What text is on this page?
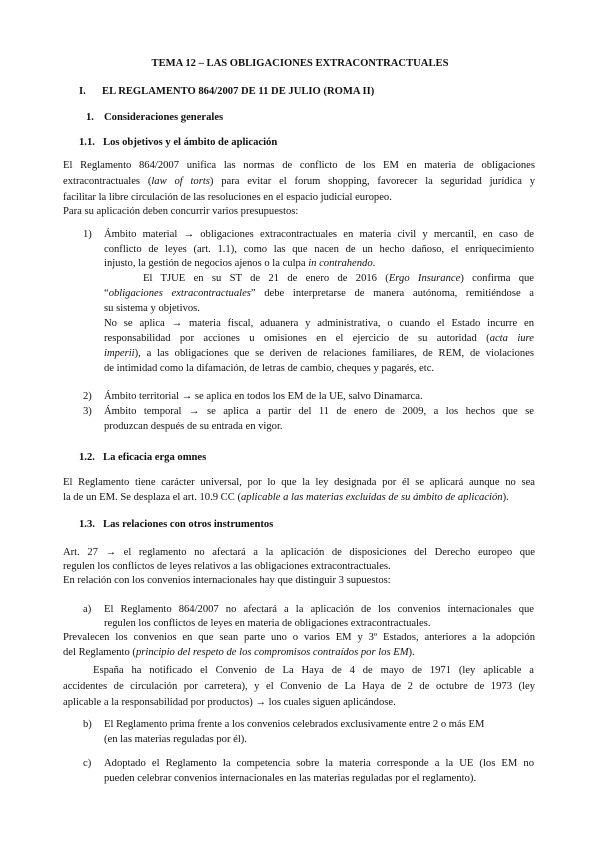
TEMA 12 – LAS OBLIGACIONES EXTRACONTRACTUALES
I. EL REGLAMENTO 864/2007 DE 11 DE JULIO (ROMA II)
1. Consideraciones generales
1.1. Los objetivos y el ámbito de aplicación
El Reglamento 864/2007 unifica las normas de conflicto de los EM en materia de obligaciones
extracontractuales (law of torts) para evitar el forum shopping, favorecer la seguridad jurídica y
facilitar la libre circulación de las resoluciones en el espacio judicial europeo.
Para su aplicación deben concurrir varios presupuestos:
1) Ámbito material → obligaciones extracontractuales en materia civil y mercantil, en caso de
conflicto de leyes (art. 1.1), como las que nacen de un hecho dañoso, el enriquecimiento
injusto, la gestión de negocios ajenos o la culpa in contrahendo.
El TJUE en su ST de 21 de enero de 2016 (Ergo Insurance) confirma que
“obligaciones extracontractuales” debe interpretarse de manera autónoma, remitiéndose a
su sistema y objetivos.
No se aplica → materia fiscal, aduanera y administrativa, o cuando el Estado incurre en
responsabilidad por acciones u omisiones en el ejercicio de su autoridad (acta iure
imperii), a las obligaciones que se deriven de relaciones familiares, de REM, de violaciones
de intimidad como la difamación, de letras de cambio, cheques y pagarés, etc.
2) Ámbito territorial → se aplica en todos los EM de la UE, salvo Dinamarca.
3) Ámbito temporal → se aplica a partir del 11 de enero de 2009, a los hechos que se
produzcan después de su entrada en vigor.
1.2. La eficacia erga omnes
El Reglamento tiene carácter universal, por lo que la ley designada por él se aplicará aunque no sea
la de un EM. Se desplaza el art. 10.9 CC (aplicable a las materias excluidas de su ámbito de aplicación).
1.3. Las relaciones con otros instrumentos
Art. 27 → el reglamento no afectará a la aplicación de disposiciones del Derecho europeo que
regulen los conflictos de leyes relativos a las obligaciones extracontractuales.
En relación con los convenios internacionales hay que distinguir 3 supuestos:
a) El Reglamento 864/2007 no afectará a la aplicación de los convenios internacionales que
regulen los conflictos de leyes en materia de obligaciones extracontractuales.
Prevalecen los convenios en que sean parte uno o varios EM y 3º Estados, anteriores a la adopción
del Reglamento (principio del respeto de los compromisos contraídos por los EM).
España ha notificado el Convenio de La Haya de 4 de mayo de 1971 (ley aplicable a
accidentes de circulación por carretera), y el Convenio de La Haya de 2 de octubre de 1973 (ley
aplicable a la responsabilidad por productos) → los cuales siguen aplicándose.
b) El Reglamento prima frente a los convenios celebrados exclusivamente entre 2 o más EM
(en las materias reguladas por él).
c) Adoptado el Reglamento la competencia sobre la materia corresponde a la UE (los EM no
pueden celebrar convenios internacionales en las materias reguladas por el reglamento).
